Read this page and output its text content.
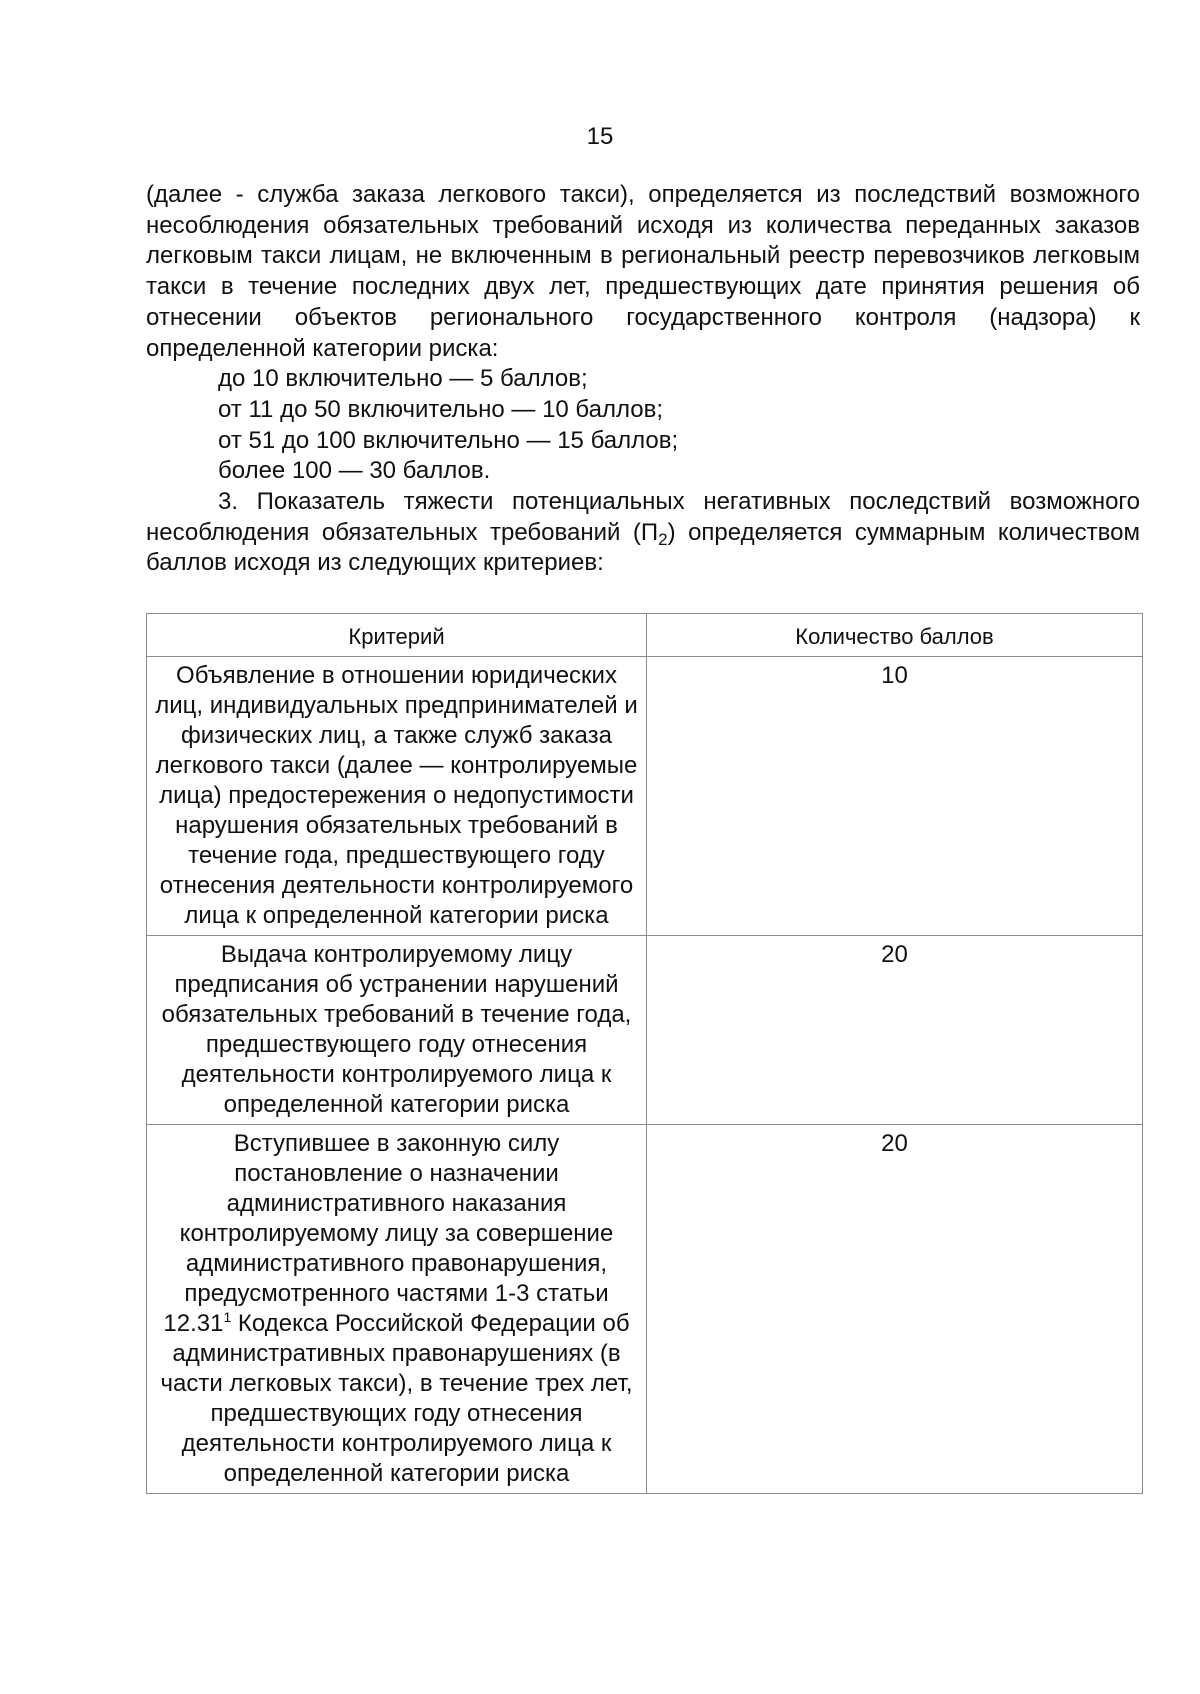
15

(далее - служба заказа легкового такси), определяется из последствий возможного несоблюдения обязательных требований исходя из количества переданных заказов легковым такси лицам, не включенным в региональный реестр перевозчиков легковым такси в течение последних двух лет, предшествующих дате принятия решения об отнесении объектов регионального государственного контроля (надзора) к определенной категории риска:

до 10 включительно — 5 баллов;

от 11 до 50 включительно — 10 баллов;

от 51 до 100 включительно — 15 баллов;

более 100 — 30 баллов.

3. Показатель тяжести потенциальных негативных последствий возможного несоблюдения обязательных требований $(П_2)$ определяется суммарным количеством баллов исходя из следующих критериев:

Критерий	Количество баллов
Объявление в отношении юридических лиц, индивидуальных предпринимателей и физических лиц, а также служб заказа легкового такси (далее — контролируемые лица) предостережения о недопустимости нарушения обязательных требований в течение года, предшествующего году отнесения деятельности контролируемого лица к определенной категории риска	10
Выдача контролируемому лицу предписания об устранении нарушений обязательных требований в течение года, предшествующего году отнесения деятельности контролируемого лица к определенной категории риска	20
Вступившее в законную силу постановление о назначении административного наказания контролируемому лицу за совершение административного правонарушения, предусмотренного частями 1-3 статьи 12.31$^1$ Кодекса Российской Федерации об административных правонарушениях (в части легковых такси), в течение трех лет, предшествующих году отнесения деятельности контролируемого лица к определенной категории риска	20
